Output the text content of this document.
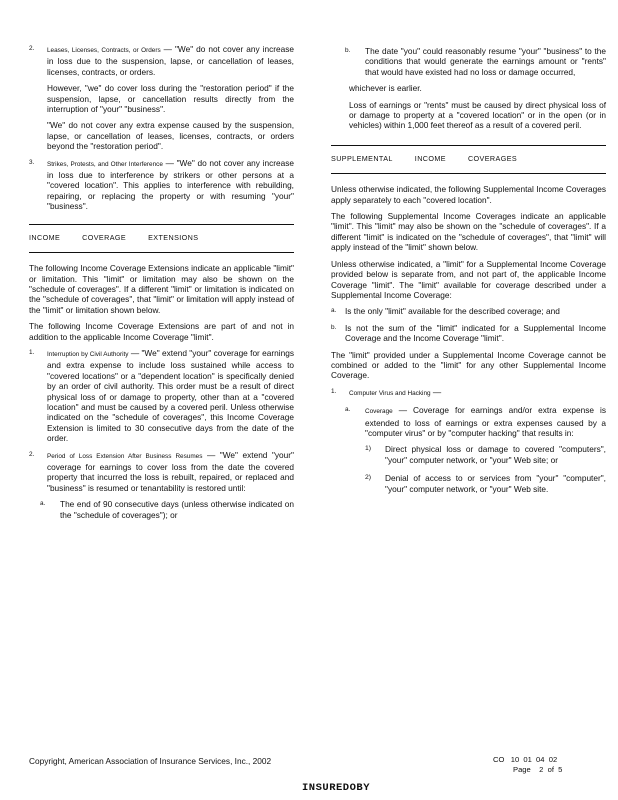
2. Leases, Licenses, Contracts, or Orders — "We" do not cover any increase in loss due to the suspension, lapse, or cancellation of leases, licenses, contracts, or orders.

However, "we" do cover loss during the "restoration period" if the suspension, lapse, or cancellation results directly from the interruption of "your" "business".

"We" do not cover any extra expense caused by the suspension, lapse, or cancellation of leases, licenses, contracts, or orders beyond the "restoration period".

3. Strikes, Protests, and Other Interference — "We" do not cover any increase in loss due to interference by strikers or other persons at a "covered location". This applies to interference with rebuilding, repairing, or replacing the property or with resuming "your" "business".
INCOME	COVERAGE	EXTENSIONS

The following Income Coverage Extensions indicate an applicable "limit" or limitation. This "limit" or limitation may also be shown on the "schedule of coverages". If a different "limit" or limitation is indicated on the "schedule of coverages", that "limit" or limitation will apply instead of the "limit" or limitation shown below.

The following Income Coverage Extensions are part of and not in addition to the applicable Income Coverage "limit".

1. Interruption by Civil Authority — "We" extend "your" coverage for earnings and extra expense to include loss sustained while access to "covered locations" or a "dependent location" is specifically denied by an order of civil authority. This order must be a result of direct physical loss of or damage to property, other than at a "covered location" and must be caused by a covered peril. Unless otherwise indicated on the "schedule of coverages", this Income Coverage Extension is limited to 30 consecutive days from the date of the order.
2. Period of Loss Extension After Business Resumes — "We" extend "your" coverage for earnings to cover loss from the date the covered property that incurred the loss is rebuilt, repaired, or replaced and "business" is resumed or tenantability is restored until:
a. The end of 90 consecutive days (unless otherwise indicated on the "schedule of coverages"); or
b. The date "you" could reasonably resume "your" "business" to the conditions that would generate the earnings amount or "rents" that would have existed had no loss or damage occurred,

whichever is earlier.

Loss of earnings or "rents" must be caused by direct physical loss of or damage to property at a "covered location" or in the open (or in vehicles) within 1,000 feet thereof as a result of a covered peril.

SUPPLEMENTAL	INCOME	COVERAGES

Unless otherwise indicated, the following Supplemental Income Coverages apply separately to each "covered location".

The following Supplemental Income Coverages indicate an applicable "limit". This "limit" may also be shown on the "schedule of coverages". If a different "limit" is indicated on the "schedule of coverages", that "limit" will apply instead of the "limit" shown below.

Unless otherwise indicated, a "limit" for a Supplemental Income Coverage provided below is separate from, and not part of, the applicable Income Coverage "limit". The "limit" available for coverage described under a Supplemental Income Coverage:

a. Is the only "limit" available for the described coverage; and
b. Is not the sum of the "limit" indicated for a Supplemental Income Coverage and the Income Coverage "limit".

The "limit" provided under a Supplemental Income Coverage cannot be combined or added to the "limit" for any other Supplemental Income Coverage.

1. Computer Virus and Hacking —
a. Coverage — Coverage for earnings and/or extra expense is extended to loss of earnings or extra expenses caused by a "computer virus" or by "computer hacking" that results in:
1) Direct physical loss or damage to covered "computers", "your" computer network, or "your" Web site; or
2) Denial of access to or services from "your" "computer", "your" computer network, or "your" Web site.
Copyright, American Association of Insurance Services, Inc., 2002	CO   10  01  04  02
Page    2  of  5
INSUREDOBY
